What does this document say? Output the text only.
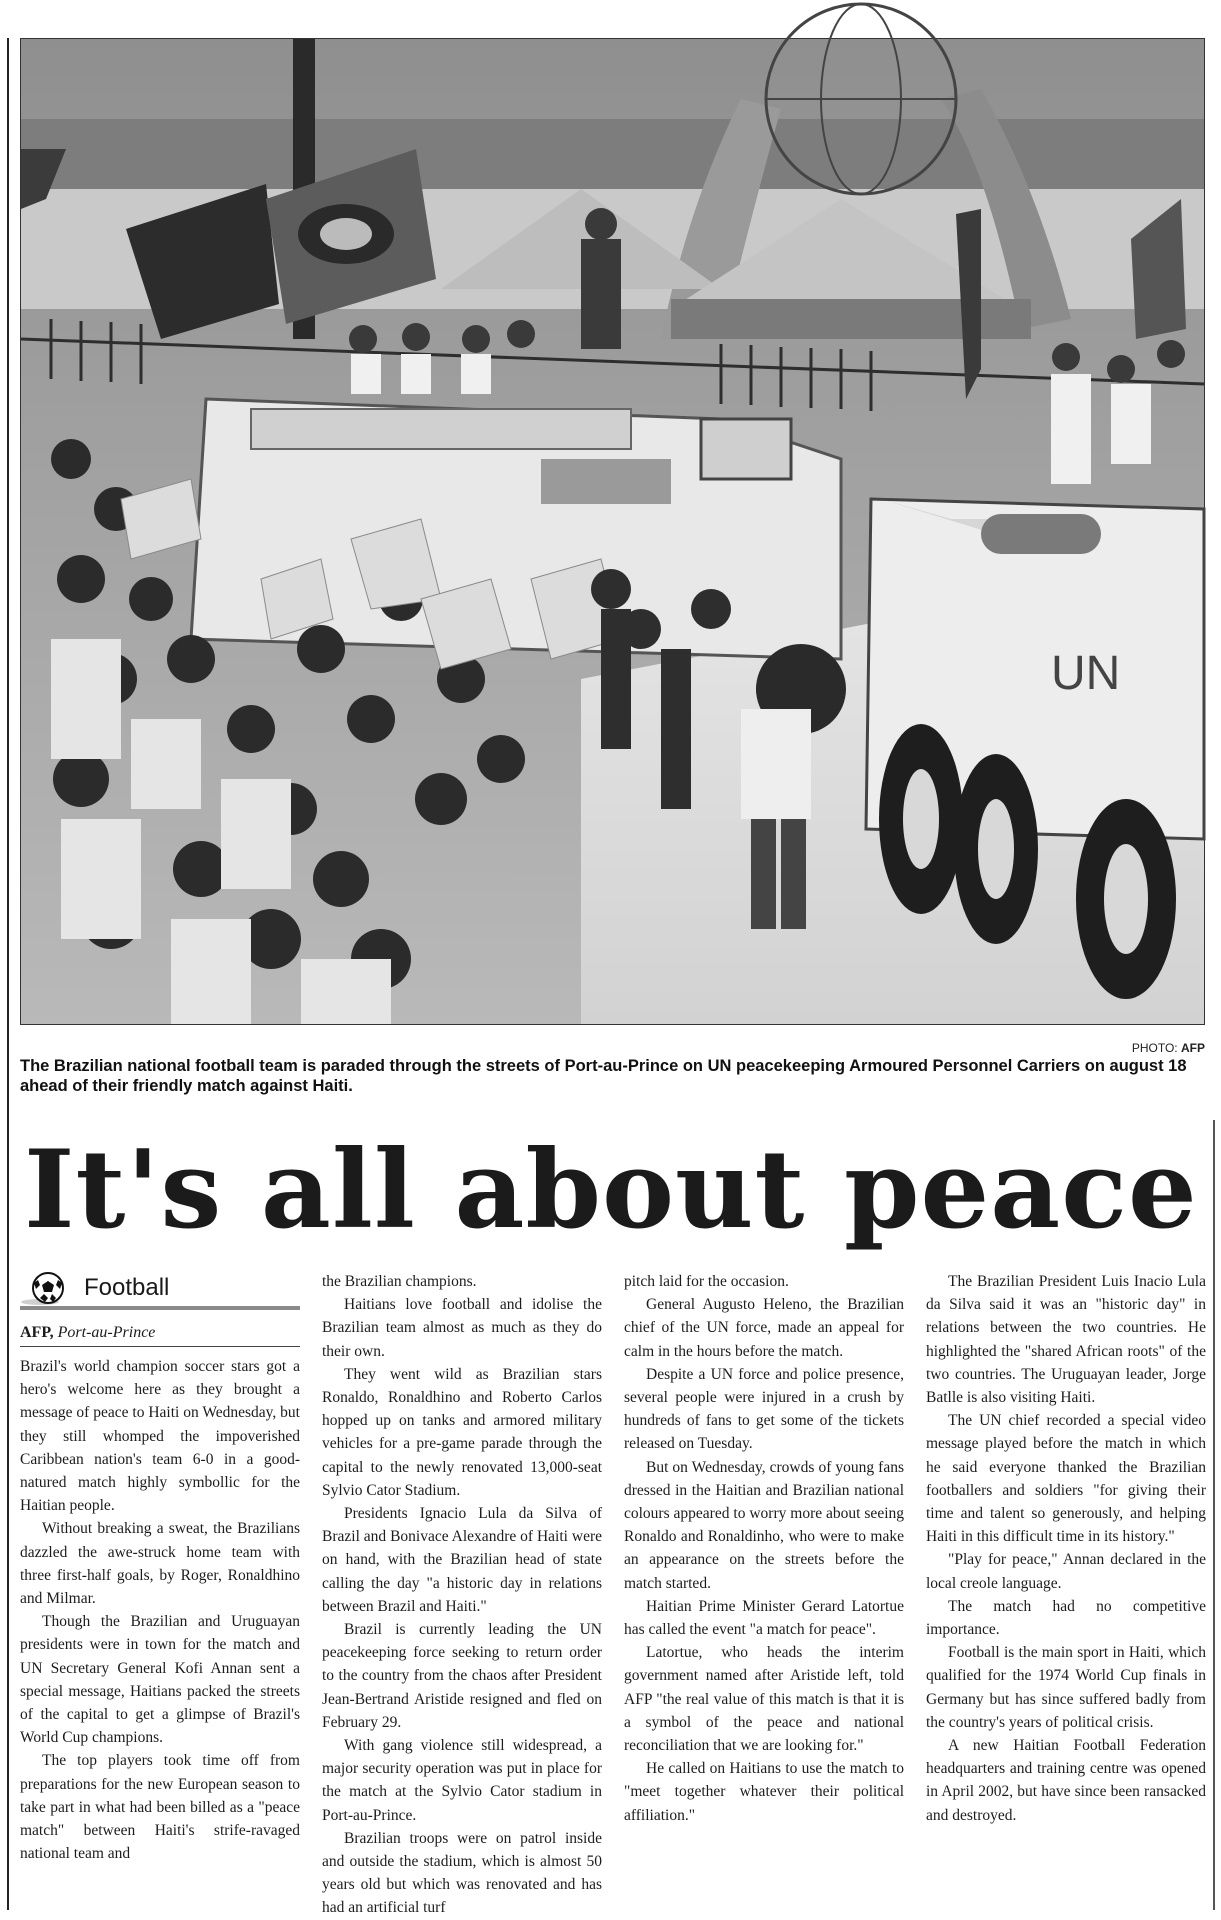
UN
PHOTO: AFP
The Brazilian national football team is paraded through the streets of Port-au-Prince on UN peacekeeping Armoured Personnel Carriers on august 18 ahead of their friendly match against Haiti.
It's all about peace
Football
AFP, Port-au-Prince

Brazil's world champion soccer stars got a hero's welcome here as they brought a message of peace to Haiti on Wednesday, but they still whomped the impoverished Caribbean nation's team 6-0 in a good-natured match highly symbollic for the Haitian people.

Without breaking a sweat, the Brazilians dazzled the awe-struck home team with three first-half goals, by Roger, Ronaldhino and Milmar.

Though the Brazilian and Uruguayan presidents were in town for the match and UN Secretary General Kofi Annan sent a special message, Haitians packed the streets of the capital to get a glimpse of Brazil's World Cup champions.

The top players took time off from preparations for the new European season to take part in what had been billed as a "peace match" between Haiti's strife-ravaged national team and

the Brazilian champions.

Haitians love football and idolise the Brazilian team almost as much as they do their own.

They went wild as Brazilian stars Ronaldo, Ronaldhino and Roberto Carlos hopped up on tanks and armored military vehicles for a pre-game parade through the capital to the newly renovated 13,000-seat Sylvio Cator Stadium.

Presidents Ignacio Lula da Silva of Brazil and Bonivace Alexandre of Haiti were on hand, with the Brazilian head of state calling the day "a historic day in relations between Brazil and Haiti."

Brazil is currently leading the UN peacekeeping force seeking to return order to the country from the chaos after President Jean-Bertrand Aristide resigned and fled on February 29.

With gang violence still widespread, a major security operation was put in place for the match at the Sylvio Cator stadium in Port-au-Prince.

Brazilian troops were on patrol inside and outside the stadium, which is almost 50 years old but which was renovated and has had an artificial turf

pitch laid for the occasion.

General Augusto Heleno, the Brazilian chief of the UN force, made an appeal for calm in the hours before the match.

Despite a UN force and police presence, several people were injured in a crush by hundreds of fans to get some of the tickets released on Tuesday.

But on Wednesday, crowds of young fans dressed in the Haitian and Brazilian national colours appeared to worry more about seeing Ronaldo and Ronaldinho, who were to make an appearance on the streets before the match started.

Haitian Prime Minister Gerard Latortue has called the event "a match for peace".

Latortue, who heads the interim government named after Aristide left, told AFP "the real value of this match is that it is a symbol of the peace and national reconciliation that we are looking for."

He called on Haitians to use the match to "meet together whatever their political affiliation."

The Brazilian President Luis Inacio Lula da Silva said it was an "historic day" in relations between the two countries. He highlighted the "shared African roots" of the two countries. The Uruguayan leader, Jorge Batlle is also visiting Haiti.

The UN chief recorded a special video message played before the match in which he said everyone thanked the Brazilian footballers and soldiers "for giving their time and talent so generously, and helping Haiti in this difficult time in its history."

"Play for peace," Annan declared in the local creole language.

The match had no competitive importance.

Football is the main sport in Haiti, which qualified for the 1974 World Cup finals in Germany but has since suffered badly from the country's years of political crisis.

A new Haitian Football Federation headquarters and training centre was opened in April 2002, but have since been ransacked and destroyed.
